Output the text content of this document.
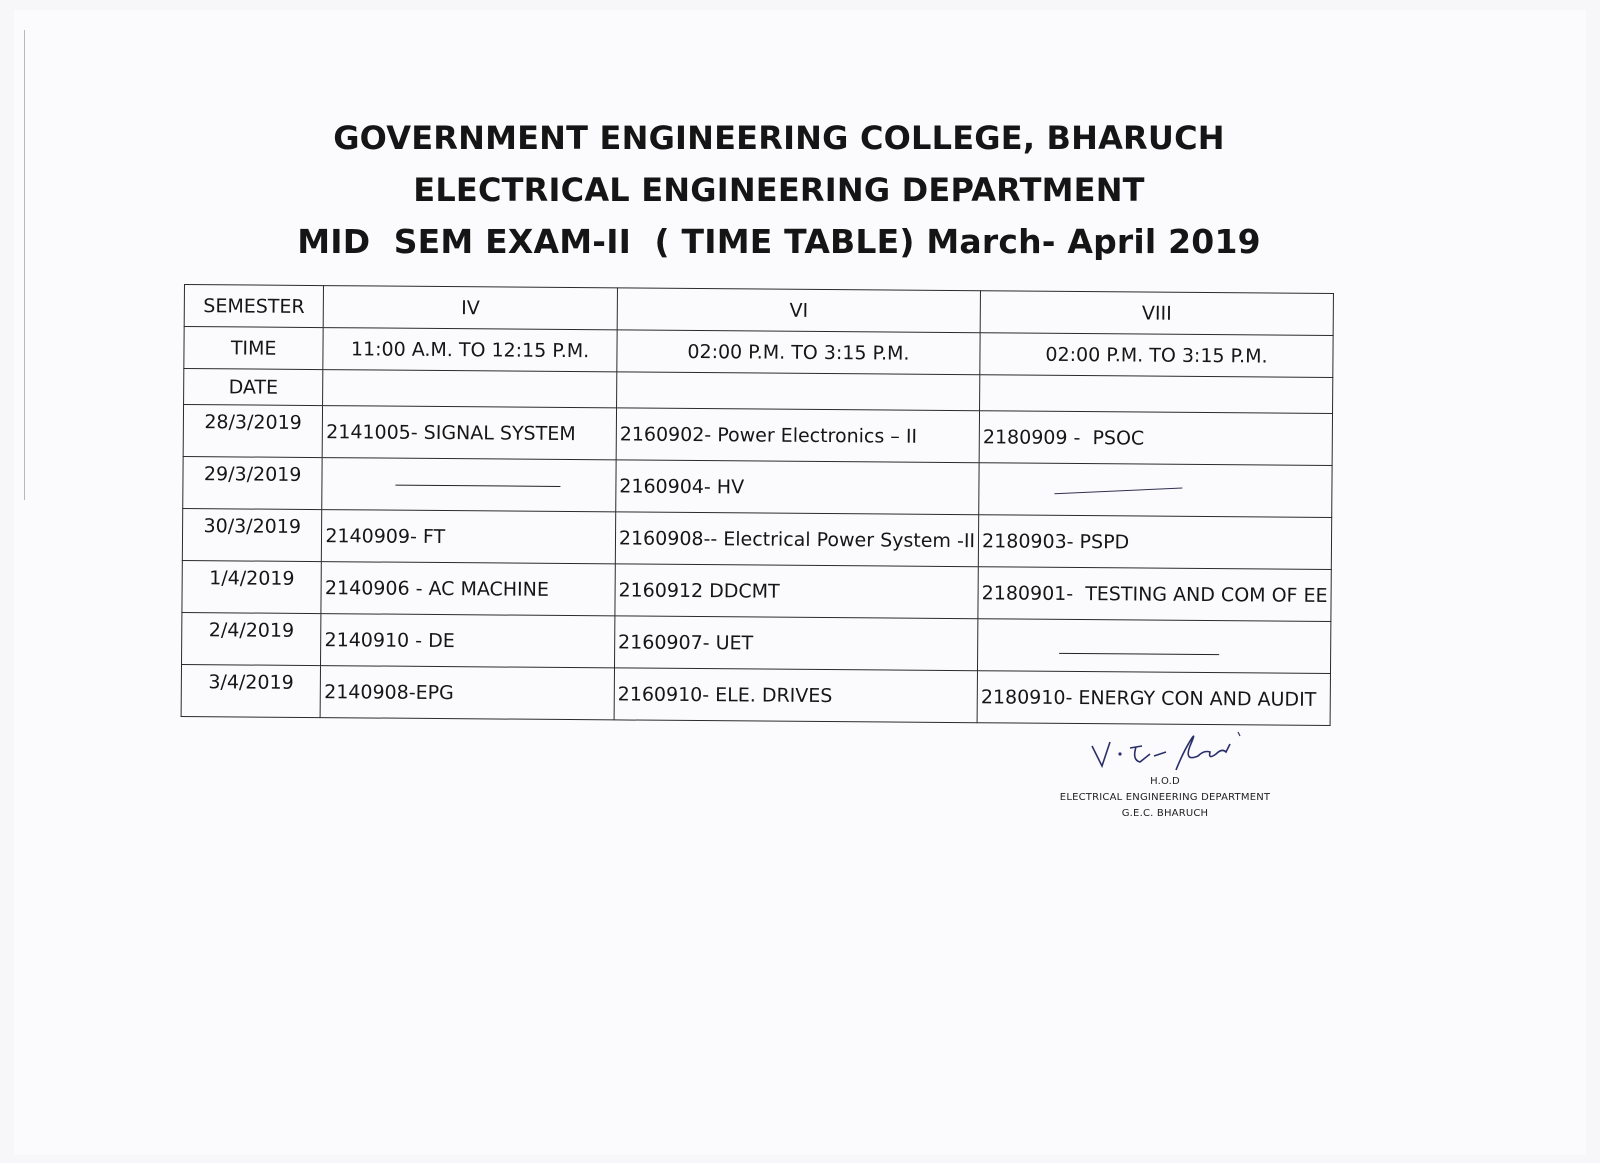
GOVERNMENT ENGINEERING COLLEGE, BHARUCH
ELECTRICAL ENGINEERING DEPARTMENT
MID  SEM EXAM-II  ( TIME TABLE) March- April 2019
SEMESTER	IV	VI	VIII
TIME	11:00 A.M. TO 12:15 P.M.	02:00 P.M. TO 3:15 P.M.	02:00 P.M. TO 3:15 P.M.
DATE			
28/3/2019	2141005- SIGNAL SYSTEM	2160902- Power Electronics – II	2180909 -  PSOC
29/3/2019		2160904- HV	
30/3/2019	2140909- FT	2160908-- Electrical Power System -II	2180903- PSPD
1/4/2019	2140906 - AC MACHINE	2160912 DDCMT	2180901-  TESTING AND COM OF EE
2/4/2019	2140910 - DE	2160907- UET	
3/4/2019	2140908-EPG	2160910- ELE. DRIVES	2180910- ENERGY CON AND AUDIT
H.O.D
ELECTRICAL ENGINEERING DEPARTMENT
G.E.C. BHARUCH
